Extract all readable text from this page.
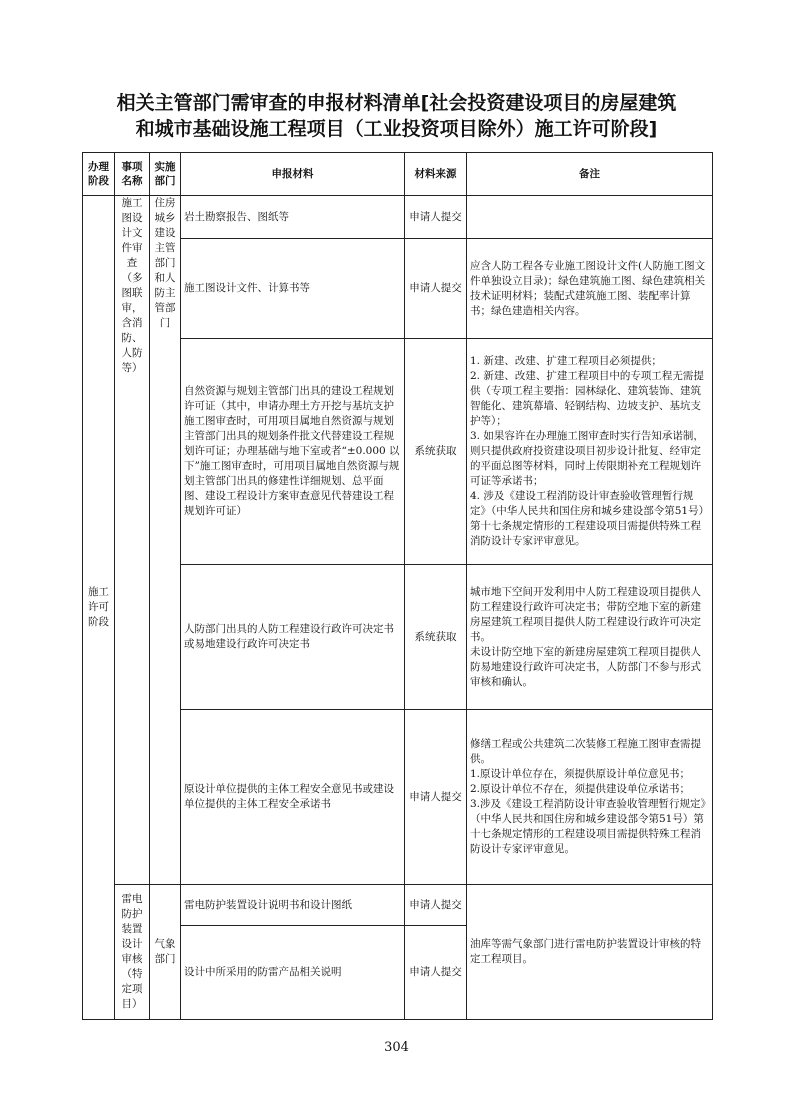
相关主管部门需审查的申报材料清单[社会投资建设项目的房屋建筑
和城市基础设施工程项目（工业投资项目除外）施工许可阶段]
办理阶段	事项名称	实施部门	申报材料	材料来源	备注
施工许可阶段	施工图设计文件审查（多图联审，含消防、人防等）	住房城乡建设主管部门和人防主管部门	岩土勘察报告、图纸等	申请人提交	
			施工图设计文件、计算书等	申请人提交	应含人防工程各专业施工图设计文件(人防施工图文件单独设立目录)；绿色建筑施工图、绿色建筑相关技术证明材料；装配式建筑施工图、装配率计算书；绿色建造相关内容。

			自然资源与规划主管部门出具的建设工程规划许可证（其中，申请办理土方开挖与基坑支护施工图审查时，可用项目属地自然资源与规划主管部门出具的规划条件批文代替建设工程规划许可证；办理基础与地下室或者“±0.000 以下”施工图审查时，可用项目属地自然资源与规划主管部门出具的修建性详细规划、总平面图、建设工程设计方案审查意见代替建设工程规划许可证）	系统获取	1. 新建、改建、扩建工程项目必须提供；
2. 新建、改建、扩建工程项目中的专项工程无需提供（专项工程主要指：园林绿化、建筑装饰、建筑智能化、建筑幕墙、轻钢结构、边坡支护、基坑支护等）；
3. 如果容许在办理施工图审查时实行告知承诺制，则只提供政府投资建设项目初步设计批复、经审定的平面总图等材料，同时上传限期补充工程规划许可证等承诺书；
4. 涉及《建设工程消防设计审查验收管理暂行规定》（中华人民共和国住房和城乡建设部令第51号）第十七条规定情形的工程建设项目需提供特殊工程消防设计专家评审意见。

			人防部门出具的人防工程建设行政许可决定书或易地建设行政许可决定书	系统获取	城市地下空间开发利用中人防工程建设项目提供人防工程建设行政许可决定书；带防空地下室的新建房屋建筑工程项目提供人防工程建设行政许可决定书。
未设计防空地下室的新建房屋建筑工程项目提供人防易地建设行政许可决定书，人防部门不参与形式审核和确认。

			原设计单位提供的主体工程安全意见书或建设单位提供的主体工程安全承诺书	申请人提交	修缮工程或公共建筑二次装修工程施工图审查需提供。
1.原设计单位存在，须提供原设计单位意见书；
2.原设计单位不存在，须提供建设单位承诺书；
3.涉及《建设工程消防设计审查验收管理暂行规定》（中华人民共和国住房和城乡建设部令第51号）第十七条规定情形的工程建设项目需提供特殊工程消防设计专家评审意见。

	雷电防护装置设计审核（特定项目）	气象部门	雷电防护装置设计说明书和设计图纸	申请人提交	油库等需气象部门进行雷电防护装置设计审核的特定工程项目。
			设计中所采用的防雷产品相关说明	申请人提交	
304
